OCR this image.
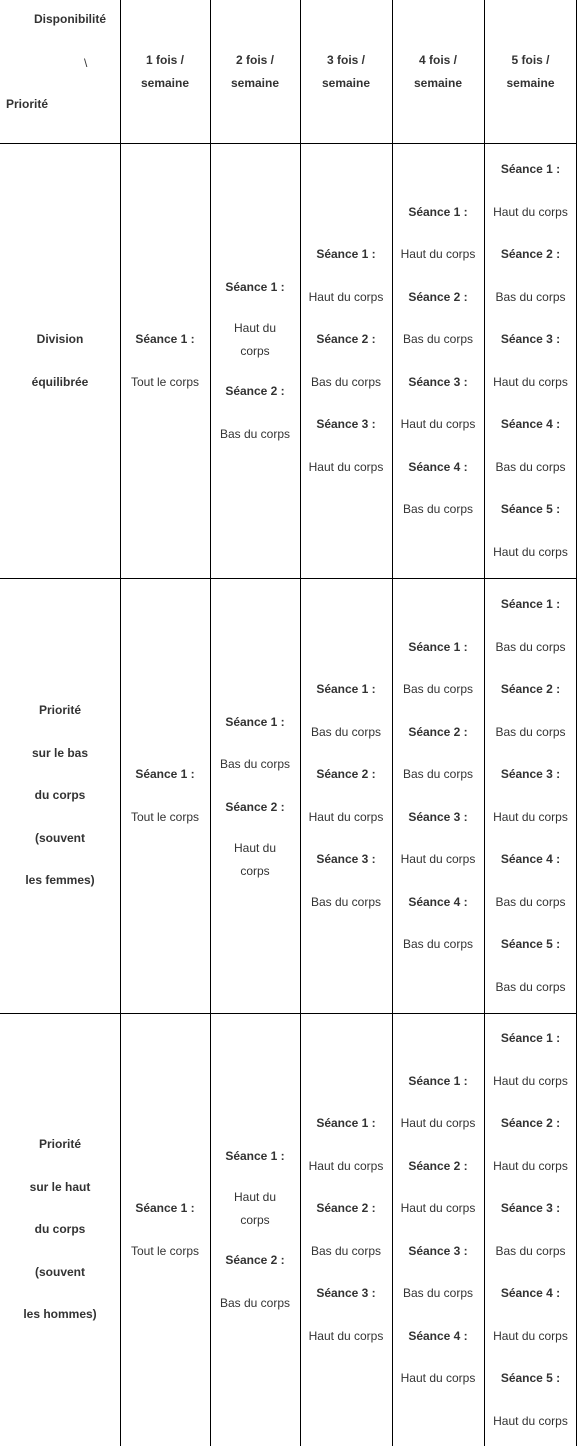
Disponibilité
\
Priorité
1 fois /
semaine
2 fois /
semaine
3 fois /
semaine
4 fois /
semaine
5 fois /
semaine
Division
équilibrée
Séance 1 :
Tout le corps
Séance 1 :
Haut du corps
Séance 2 :
Bas du corps
Séance 1 :
Haut du corps
Séance 2 :
Bas du corps
Séance 3 :
Haut du corps
Séance 1 :
Haut du corps
Séance 2 :
Bas du corps
Séance 3 :
Haut du corps
Séance 4 :
Bas du corps
Séance 1 :
Haut du corps
Séance 2 :
Bas du corps
Séance 3 :
Haut du corps
Séance 4 :
Bas du corps
Séance 5 :
Haut du corps
Priorité
sur le bas
du corps
(souvent
les femmes)
Séance 1 :
Tout le corps
Séance 1 :
Bas du corps
Séance 2 :
Haut du corps
Séance 1 :
Bas du corps
Séance 2 :
Haut du corps
Séance 3 :
Bas du corps
Séance 1 :
Bas du corps
Séance 2 :
Bas du corps
Séance 3 :
Haut du corps
Séance 4 :
Bas du corps
Séance 1 :
Bas du corps
Séance 2 :
Bas du corps
Séance 3 :
Haut du corps
Séance 4 :
Bas du corps
Séance 5 :
Bas du corps
Priorité
sur le haut
du corps
(souvent
les hommes)
Séance 1 :
Tout le corps
Séance 1 :
Haut du corps
Séance 2 :
Bas du corps
Séance 1 :
Haut du corps
Séance 2 :
Bas du corps
Séance 3 :
Haut du corps
Séance 1 :
Haut du corps
Séance 2 :
Haut du corps
Séance 3 :
Bas du corps
Séance 4 :
Haut du corps
Séance 1 :
Haut du corps
Séance 2 :
Haut du corps
Séance 3 :
Bas du corps
Séance 4 :
Haut du corps
Séance 5 :
Haut du corps
